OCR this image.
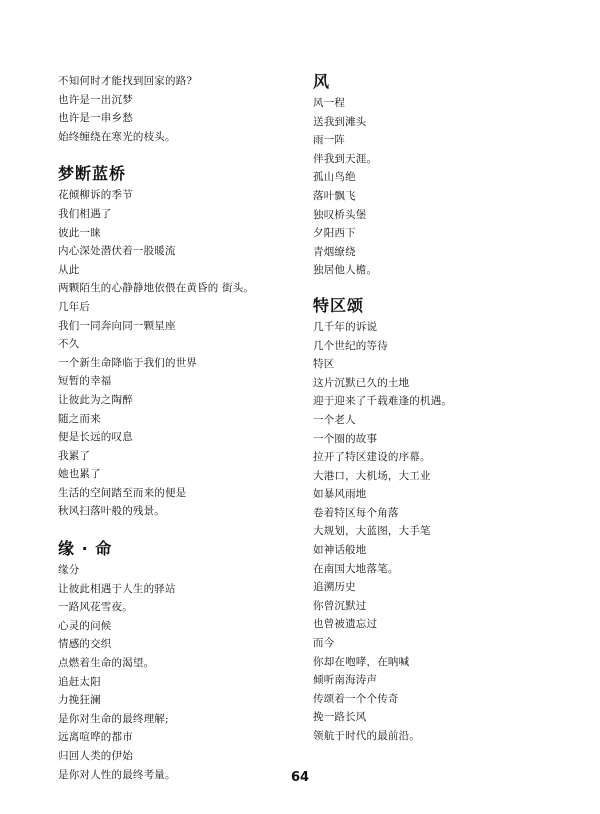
不知何时才能找到回家的路?
也许是一出沉梦
也许是一串乡愁
始终缠绕在寒光的枝头。
梦断蓝桥
花倾柳诉的季节
我们相遇了
彼此一睐
内心深处潜伏着一股暖流
从此
两颗陌生的心静静地依偎在黄昏的 街头。
几年后
我们一同奔向同一颗星座
不久
一个新生命降临于我们的世界
短暂的幸福
让彼此为之陶醉
随之而来
便是长远的叹息
我累了
她也累了
生活的空间踏至而来的便是
秋风扫落叶般的残景。
缘 · 命
缘分
让彼此相遇于人生的驿站
一路风花雪夜。
心灵的问候
情感的交织
点燃着生命的渴望。
追赶太阳
力挽狂澜
是你对生命的最终理解;
远离喧哗的都市
归回人类的伊始
是你对人性的最终考量。
风
风一程
送我到滩头
雨一阵
伴我到天涯。
孤山鸟绝
落叶飘飞
独叹桥头堡
夕阳西下
青烟缭绕
独居他人檐。
特区颂
几千年的诉说
几个世纪的等待
特区
这片沉默已久的土地
迎于迎来了千载难逢的机遇。
一个老人
一个圈的故事
拉开了特区建设的序幕。
大港口，大机场，大工业
如暴风雨地
卷着特区每个角落
大规划，大蓝图，大手笔
如神话般地
在南国大地落笔。
追溯历史
你曾沉默过
也曾被遗忘过
而今
你却在咆哮，在呐喊
倾听南海涛声
传颂着一个个传奇
挽一路长风
领航于时代的最前沿。
64
